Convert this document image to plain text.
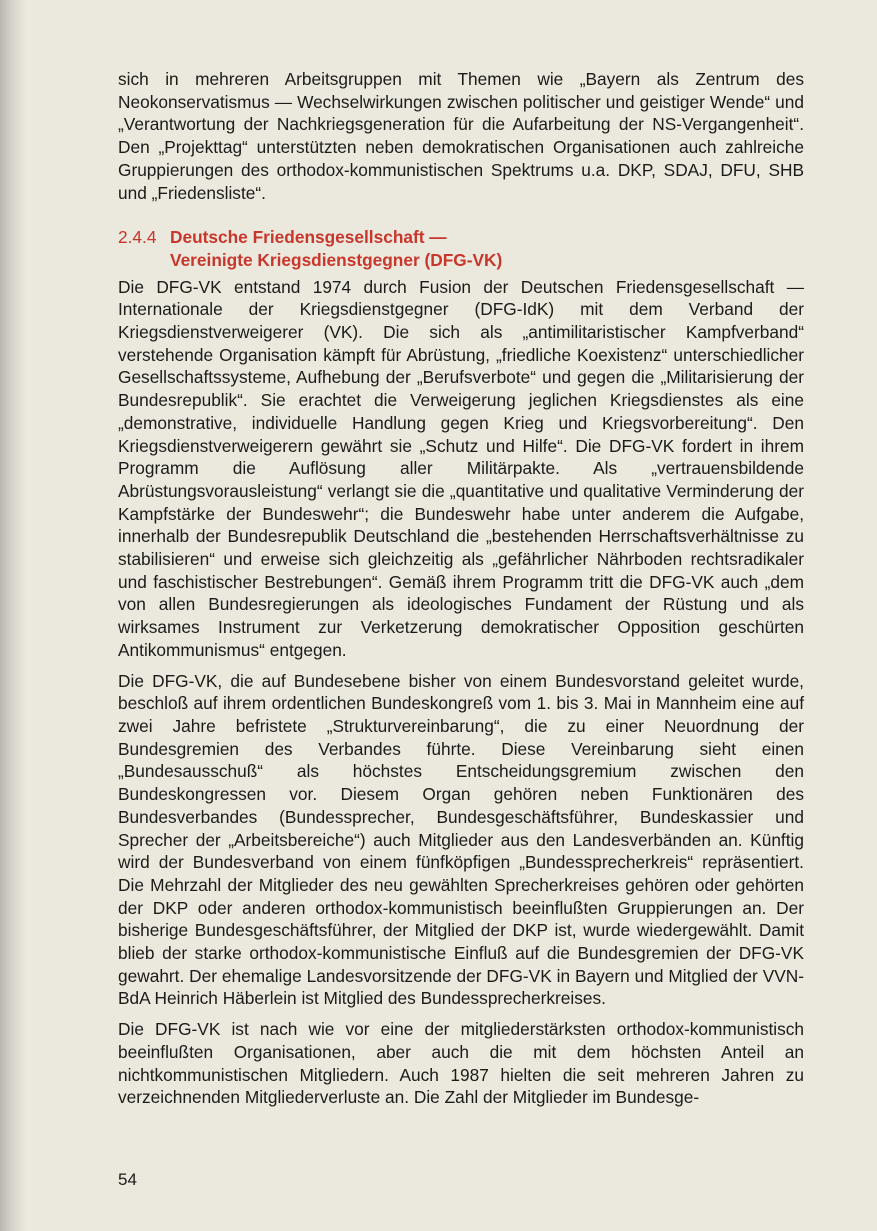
sich in mehreren Arbeitsgruppen mit Themen wie „Bayern als Zentrum des Neokonservatismus — Wechselwirkungen zwischen politischer und geistiger Wende“ und „Verantwortung der Nachkriegsgeneration für die Aufarbeitung der NS-Vergangenheit“. Den „Projekttag“ unterstützten neben demokratischen Organisationen auch zahlreiche Gruppierungen des orthodox-kommunistischen Spektrums u.a. DKP, SDAJ, DFU, SHB und „Friedensliste“.

2.4.4 Deutsche Friedensgesellschaft —
Vereinigte Kriegsdienstgegner (DFG-VK)

Die DFG-VK entstand 1974 durch Fusion der Deutschen Friedensgesellschaft — Internationale der Kriegsdienstgegner (DFG-IdK) mit dem Verband der Kriegsdienstverweigerer (VK). Die sich als „antimilitaristischer Kampfverband“ verstehende Organisation kämpft für Abrüstung, „friedliche Koexistenz“ unterschiedlicher Gesellschaftssysteme, Aufhebung der „Berufsverbote“ und gegen die „Militarisierung der Bundesrepublik“. Sie erachtet die Verweigerung jeglichen Kriegsdienstes als eine „demonstrative, individuelle Handlung gegen Krieg und Kriegsvorbereitung“. Den Kriegsdienstverweigerern gewährt sie „Schutz und Hilfe“. Die DFG-VK fordert in ihrem Programm die Auflösung aller Militärpakte. Als „vertrauensbildende Abrüstungsvorausleistung“ verlangt sie die „quantitative und qualitative Verminderung der Kampfstärke der Bundeswehr“; die Bundeswehr habe unter anderem die Aufgabe, innerhalb der Bundesrepublik Deutschland die „bestehenden Herrschaftsverhältnisse zu stabilisieren“ und erweise sich gleichzeitig als „gefährlicher Nährboden rechtsradikaler und faschistischer Bestrebungen“. Gemäß ihrem Programm tritt die DFG-VK auch „dem von allen Bundesregierungen als ideologisches Fundament der Rüstung und als wirksames Instrument zur Verketzerung demokratischer Opposition geschürten Antikommunismus“ entgegen.

Die DFG-VK, die auf Bundesebene bisher von einem Bundesvorstand geleitet wurde, beschloß auf ihrem ordentlichen Bundeskongreß vom 1. bis 3. Mai in Mannheim eine auf zwei Jahre befristete „Strukturvereinbarung“, die zu einer Neuordnung der Bundesgremien des Verbandes führte. Diese Vereinbarung sieht einen „Bundesausschuß“ als höchstes Entscheidungsgremium zwischen den Bundeskongressen vor. Diesem Organ gehören neben Funktionären des Bundesverbandes (Bundessprecher, Bundesgeschäftsführer, Bundeskassier und Sprecher der „Arbeitsbereiche“) auch Mitglieder aus den Landesverbänden an. Künftig wird der Bundesverband von einem fünfköpfigen „Bundessprecherkreis“ repräsentiert. Die Mehrzahl der Mitglieder des neu gewählten Sprecherkreises gehören oder gehörten der DKP oder anderen orthodox-kommunistisch beeinflußten Gruppierungen an. Der bisherige Bundesgeschäftsführer, der Mitglied der DKP ist, wurde wiedergewählt. Damit blieb der starke orthodox-kommunistische Einfluß auf die Bundesgremien der DFG-VK gewahrt. Der ehemalige Landesvorsitzende der DFG-VK in Bayern und Mitglied der VVN-BdA Heinrich Häberlein ist Mitglied des Bundessprecherkreises.

Die DFG-VK ist nach wie vor eine der mitgliederstärksten orthodox-kommunistisch beeinflußten Organisationen, aber auch die mit dem höchsten Anteil an nichtkommunistischen Mitgliedern. Auch 1987 hielten die seit mehreren Jahren zu verzeichnenden Mitgliederverluste an. Die Zahl der Mitglieder im Bundesge-

54
